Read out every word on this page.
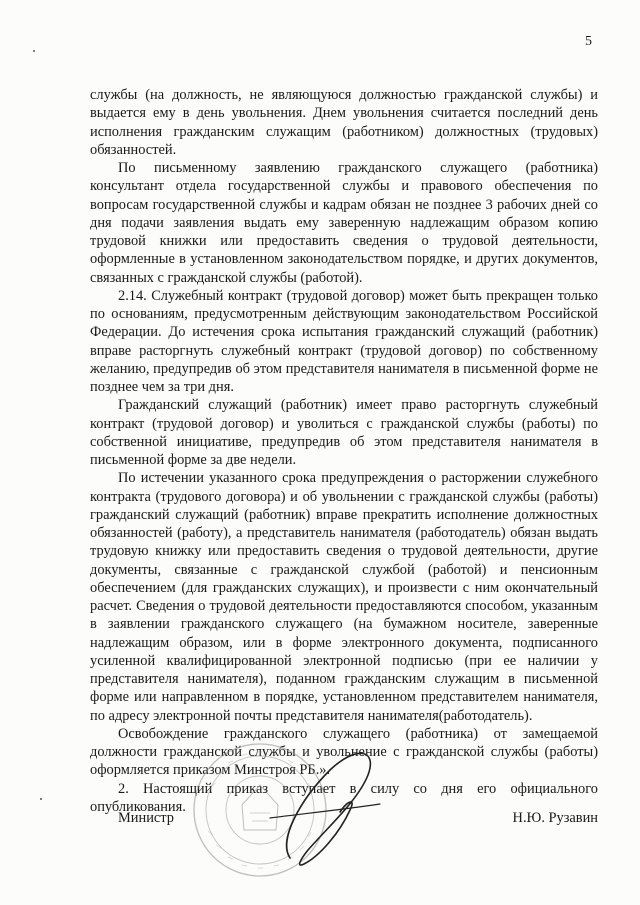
5

службы (на должность, не являющуюся должностью гражданской службы) и выдается ему в день увольнения. Днем увольнения считается последний день исполнения гражданским служащим (работником) должностных (трудовых) обязанностей.

По письменному заявлению гражданского служащего (работника) консультант отдела государственной службы и правового обеспечения по вопросам государственной службы и кадрам обязан не позднее 3 рабочих дней со дня подачи заявления выдать ему заверенную надлежащим образом копию трудовой книжки или предоставить сведения о трудовой деятельности, оформленные в установленном законодательством порядке, и других документов, связанных с гражданской службы (работой).

2.14. Служебный контракт (трудовой договор) может быть прекращен только по основаниям, предусмотренным действующим законодательством Российской Федерации. До истечения срока испытания гражданский служащий (работник) вправе расторгнуть служебный контракт (трудовой договор) по собственному желанию, предупредив об этом представителя нанимателя в письменной форме не позднее чем за три дня.

Гражданский служащий (работник) имеет право расторгнуть служебный контракт (трудовой договор) и уволиться с гражданской службы (работы) по собственной инициативе, предупредив об этом представителя нанимателя в письменной форме за две недели.

По истечении указанного срока предупреждения о расторжении служебного контракта (трудового договора) и об увольнении с гражданской службы (работы) гражданский служащий (работник) вправе прекратить исполнение должностных обязанностей (работу), а представитель нанимателя (работодатель) обязан выдать трудовую книжку или предоставить сведения о трудовой деятельности, другие документы, связанные с гражданской службой (работой) и пенсионным обеспечением (для гражданских служащих), и произвести с ним окончательный расчет. Сведения о трудовой деятельности предоставляются способом, указанным в заявлении гражданского служащего (на бумажном носителе, заверенные надлежащим образом, или в форме электронного документа, подписанного усиленной квалифицированной электронной подписью (при ее наличии у представителя нанимателя), поданном гражданским служащим в письменной форме или направленном в порядке, установленном представителем нанимателя, по адресу электронной почты представителя нанимателя(работодатель).

Освобождение гражданского служащего (работника) от замещаемой должности гражданской службы и увольнение с гражданской службы (работы) оформляется приказом Минстроя РБ.».

2. Настоящий приказ вступает в силу со дня его официального опубликования.

Министр	Н.Ю. Рузавин
